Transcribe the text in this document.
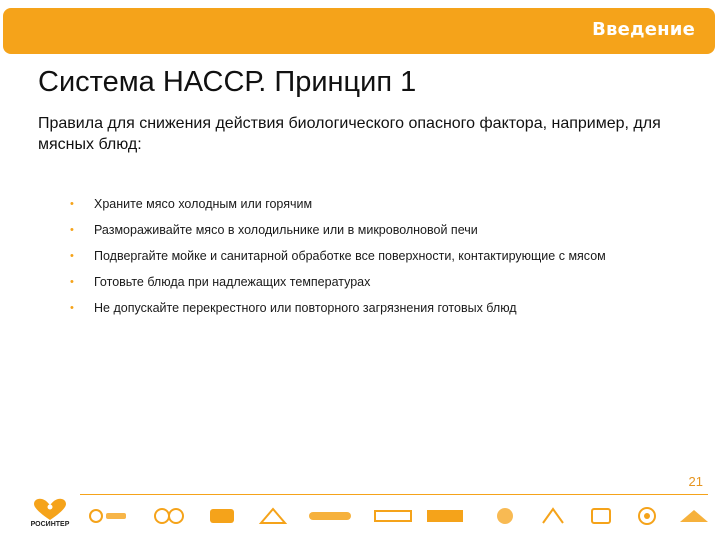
Введение
Система НАССР. Принцип 1
Правила для снижения действия биологического опасного фактора, например, для мясных блюд:
• Храните мясо холодным или горячим
• Размораживайте мясо в холодильнике или в микроволновой печи
• Подвергайте мойке и санитарной обработке все поверхности, контактирующие с мясом
• Готовьте блюда при надлежащих температурах
• Не допускайте перекрестного или повторного загрязнения готовых блюд
21
РОСИНТЕР
